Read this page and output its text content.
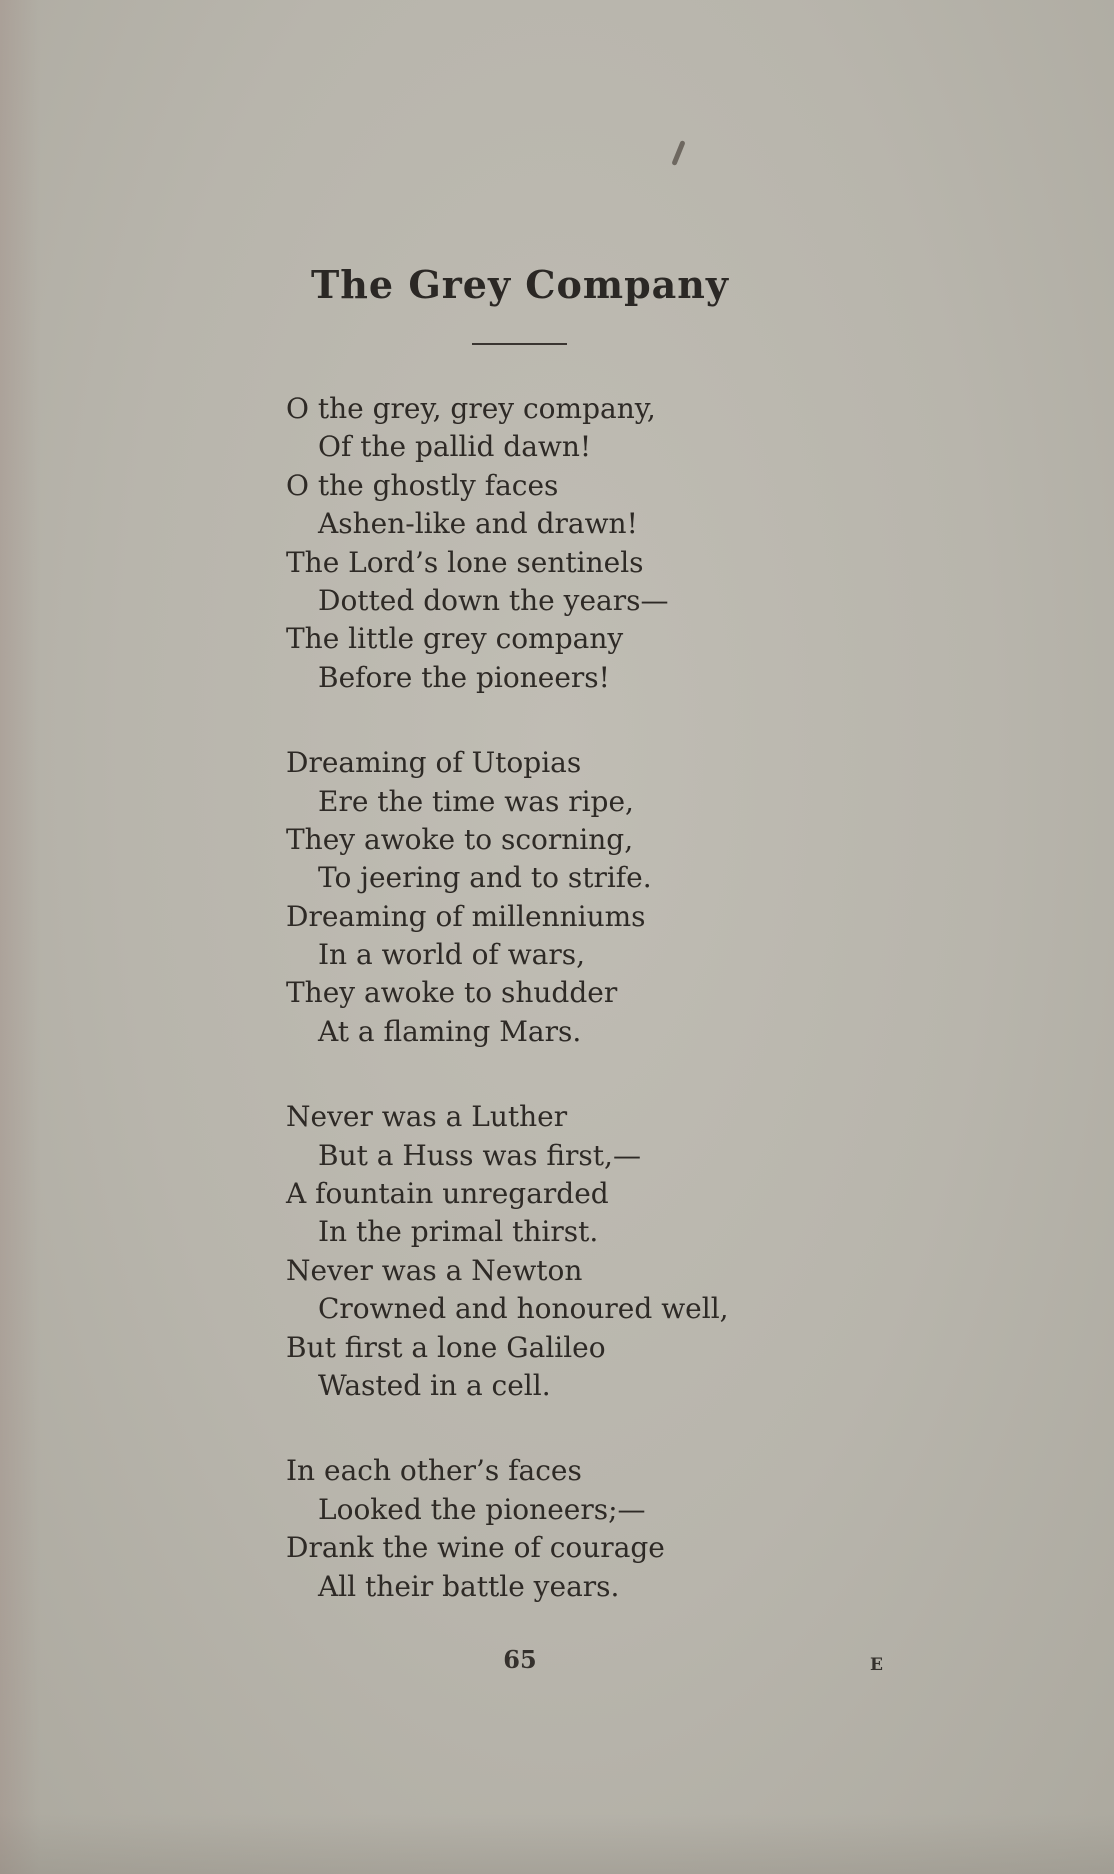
The Grey Company
O the grey, grey company,
Of the pallid dawn!
O the ghostly faces
Ashen-like and drawn!
The Lord’s lone sentinels
Dotted down the years—
The little grey company
Before the pioneers!
Dreaming of Utopias
Ere the time was ripe,
They awoke to scorning,
To jeering and to strife.
Dreaming of millenniums
In a world of wars,
They awoke to shudder
At a flaming Mars.
Never was a Luther
But a Huss was first,—
A fountain unregarded
In the primal thirst.
Never was a Newton
Crowned and honoured well,
But first a lone Galileo
Wasted in a cell.
In each other’s faces
Looked the pioneers;—
Drank the wine of courage
All their battle years.
65	E
